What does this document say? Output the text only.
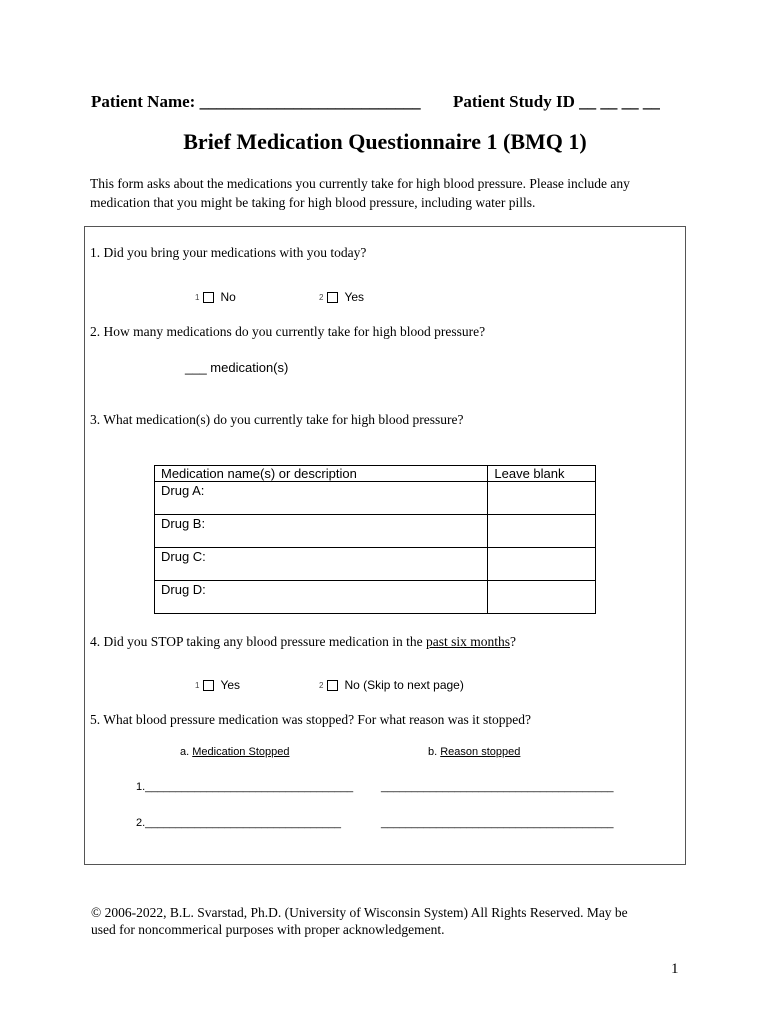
Patient Name: __________________________ Patient Study ID __ __ __ __
Brief Medication Questionnaire 1 (BMQ 1)
This form asks about the medications you currently take for high blood pressure. Please include any medication that you might be taking for high blood pressure, including water pills.
1. Did you bring your medications with you today?
1 No	2 Yes
2. How many medications do you currently take for high blood pressure?
___ medication(s)
3. What medication(s) do you currently take for high blood pressure?
Medication name(s) or description	Leave blank
Drug A:	
Drug B:	
Drug C:	
Drug D:	
4. Did you STOP taking any blood pressure medication in the past six months?
1 Yes	2 No (Skip to next page)
5. What blood pressure medication was stopped? For what reason was it stopped?
a. Medication Stopped	b. Reason stopped
1.__________________________________	______________________________________
2.________________________________	______________________________________
© 2006-2022, B.L. Svarstad, Ph.D. (University of Wisconsin System) All Rights Reserved. May be used for noncommerical purposes with proper acknowledgement.
1
